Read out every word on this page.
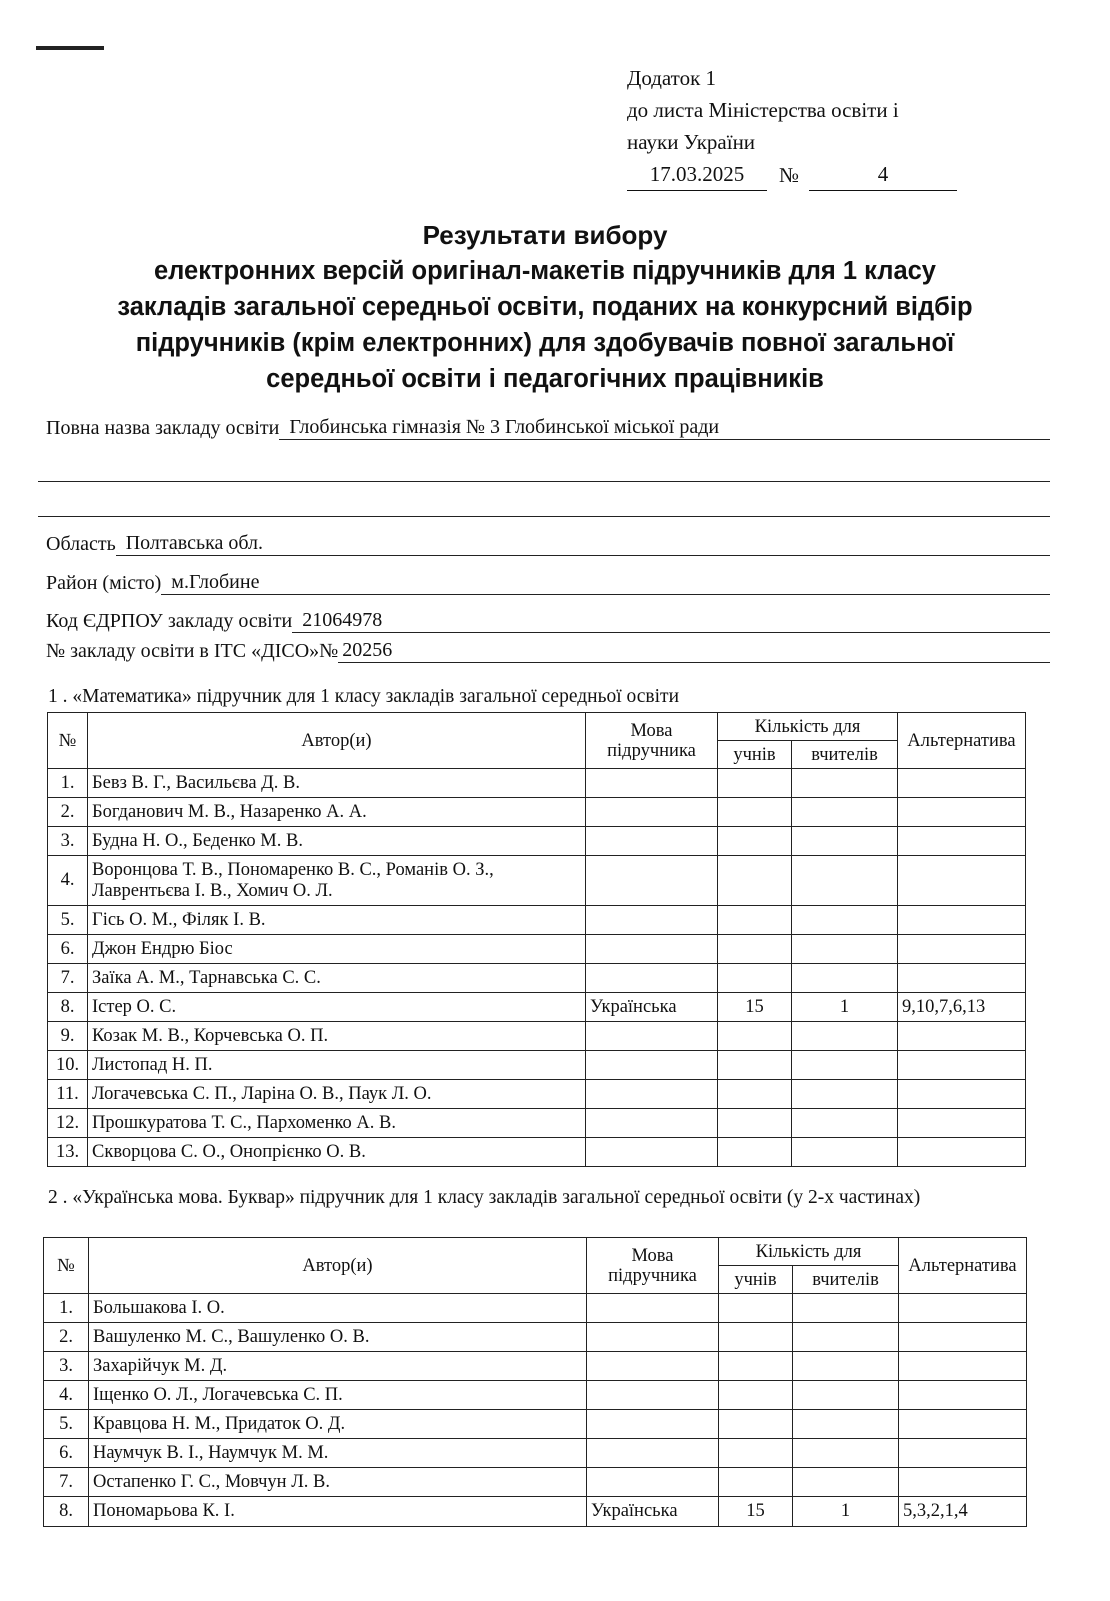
Додаток 1
до листа Міністерства освіти і
науки України
17.03.2025	№	4
Результати вибору
електронних версій оригінал-макетів підручників для 1 класу
закладів загальної середньої освіти, поданих на конкурсний відбір
підручників (крім електронних) для здобувачів повної загальної
середньої освіти і педагогічних працівників
Повна назва закладу освіти Глобинська гімназія № 3 Глобинської міської ради
Область Полтавська обл.
Район (місто) м.Глобине
Код ЄДРПОУ закладу освіти 21064978
№ закладу освіти в ІТС «ДІСО»№ 20256
1 . «Математика» підручник для 1 класу закладів загальної середньої освіти
№	Автор(и)	Мова підручника	Кількість для		Альтернатива
			учнів	вчителів	
1.	Бевз В. Г., Васильєва Д. В.				
2.	Богданович М. В., Назаренко А. А.				
3.	Будна Н. О., Беденко М. В.				
4.	Воронцова Т. В., Пономаренко В. С., Романів О. З., Лаврентьєва І. В., Хомич О. Л.				
5.	Гісь О. М., Філяк І. В.				
6.	Джон Ендрю Біос				
7.	Заїка А. М., Тарнавська С. С.				
8.	Істер О. С.	Українська	15	1	9,10,7,6,13
9.	Козак М. В., Корчевська О. П.				
10.	Листопад Н. П.				
11.	Логачевська С. П., Ларіна О. В., Паук Л. О.				
12.	Прошкуратова Т. С., Пархоменко А. В.				
13.	Скворцова С. О., Онопрієнко О. В.				
2 . «Українська мова. Буквар» підручник для 1 класу закладів загальної середньої освіти (у 2-х частинах)
№	Автор(и)	Мова підручника	Кількість для		Альтернатива
			учнів	вчителів	
1.	Большакова І. О.				
2.	Вашуленко М. С., Вашуленко О. В.				
3.	Захарійчук М. Д.				
4.	Іщенко О. Л., Логачевська С. П.				
5.	Кравцова Н. М., Придаток О. Д.				
6.	Наумчук В. І., Наумчук М. М.				
7.	Остапенко Г. С., Мовчун Л. В.				
8.	Пономарьова К. І.	Українська	15	1	5,3,2,1,4
